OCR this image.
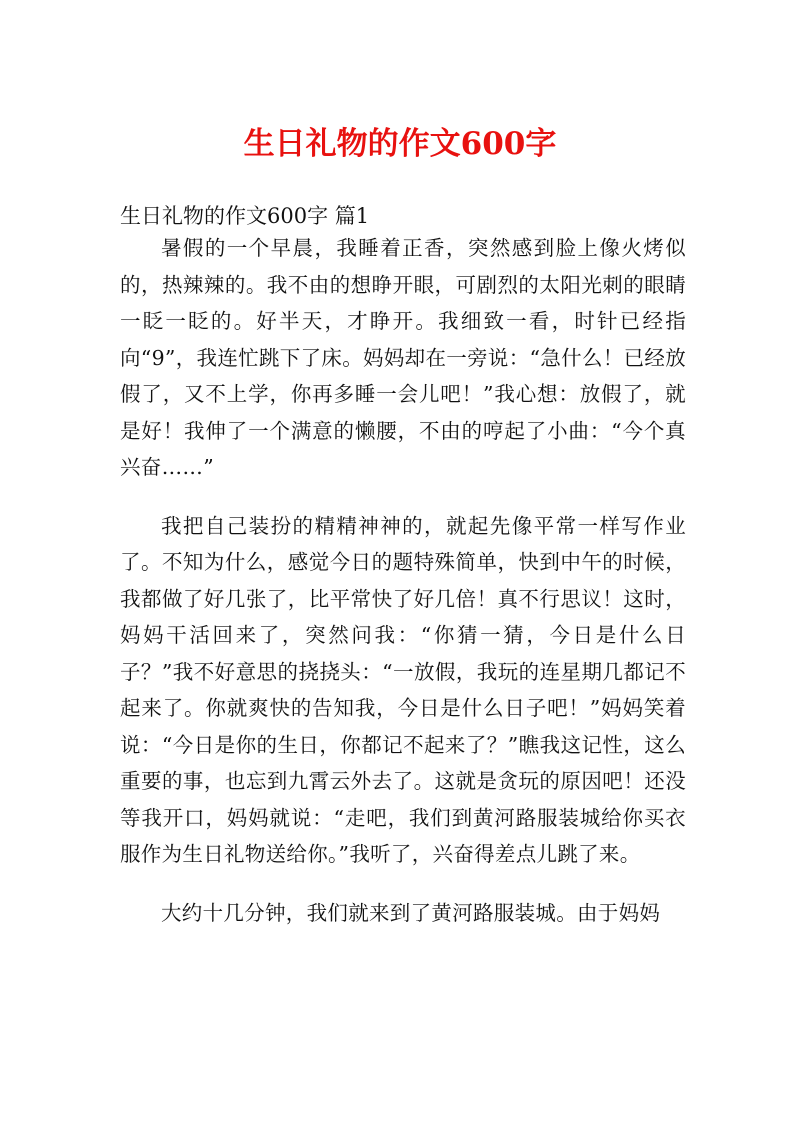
生日礼物的作文600字

生日礼物的作文600字 篇1

暑假的一个早晨，我睡着正香，突然感到脸上像火烤似的，热辣辣的。我不由的想睁开眼，可剧烈的太阳光刺的眼睛一眨一眨的。好半天，才睁开。我细致一看，时针已经指向“9”，我连忙跳下了床。妈妈却在一旁说：“急什么！已经放假了，又不上学，你再多睡一会儿吧！”我心想：放假了，就是好！我伸了一个满意的懒腰，不由的哼起了小曲：“今个真兴奋……”

我把自己装扮的精精神神的，就起先像平常一样写作业了。不知为什么，感觉今日的题特殊简单，快到中午的时候，我都做了好几张了，比平常快了好几倍！真不行思议！这时，妈妈干活回来了，突然问我：“你猜一猜，今日是什么日子？”我不好意思的挠挠头：“一放假，我玩的连星期几都记不起来了。你就爽快的告知我，今日是什么日子吧！”妈妈笑着说：“今日是你的生日，你都记不起来了？”瞧我这记性，这么重要的事，也忘到九霄云外去了。这就是贪玩的原因吧！还没等我开口，妈妈就说：“走吧，我们到黄河路服装城给你买衣服作为生日礼物送给你。”我听了，兴奋得差点儿跳了来。

大约十几分钟，我们就来到了黄河路服装城。由于妈妈
